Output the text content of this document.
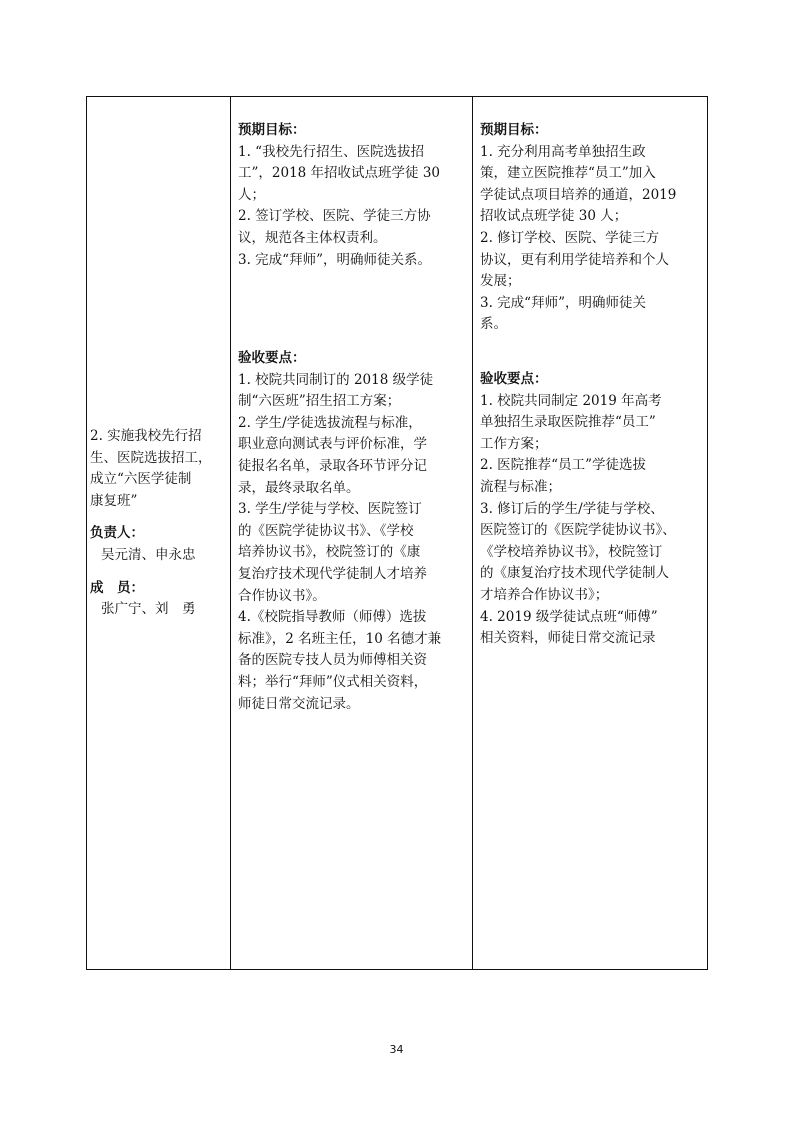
2. 实施我校先行招

生、医院选拔招工，

成立“六医学徒制

康复班”

负责人：

吴元清、申永忠

成　员：

张广宁、刘　勇

预期目标：

1. “我校先行招生、医院选拔招

工”，2018 年招收试点班学徒 30

人；

2. 签订学校、医院、学徒三方协

议，规范各主体权责利。

3. 完成“拜师”，明确师徒关系。

验收要点：

1. 校院共同制订的 2018 级学徒

制“六医班”招生招工方案；

2. 学生/学徒选拔流程与标准，

职业意向测试表与评价标准，学

徒报名名单，录取各环节评分记

录，最终录取名单。

3. 学生/学徒与学校、医院签订

的《医院学徒协议书》、《学校

培养协议书》，校院签订的《康

复治疗技术现代学徒制人才培养

合作协议书》。

4.《校院指导教师（师傅）选拔

标准》，2 名班主任，10 名德才兼

备的医院专技人员为师傅相关资

料；举行“拜师”仪式相关资料，

师徒日常交流记录。

预期目标：

1. 充分利用高考单独招生政

策，建立医院推荐“员工”加入

学徒试点项目培养的通道，2019

招收试点班学徒 30 人；

2. 修订学校、医院、学徒三方

协议，更有利用学徒培养和个人

发展；

3. 完成“拜师”，明确师徒关

系。

验收要点：

1. 校院共同制定 2019 年高考

单独招生录取医院推荐“员工”

工作方案；

2. 医院推荐“员工”学徒选拔

流程与标准；

3. 修订后的学生/学徒与学校、

医院签订的《医院学徒协议书》、

《学校培养协议书》，校院签订

的《康复治疗技术现代学徒制人

才培养合作协议书》；

4. 2019 级学徒试点班“师傅”

相关资料，师徒日常交流记录

34
